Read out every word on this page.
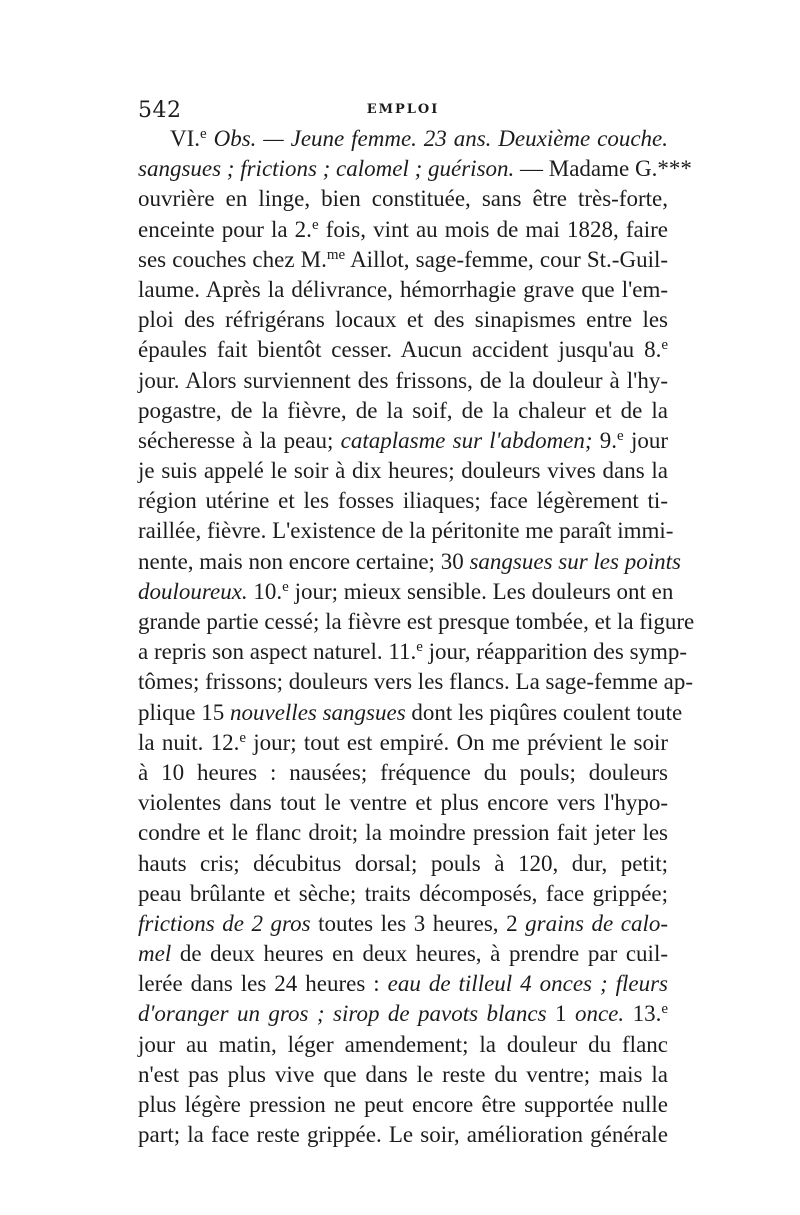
542	EMPLOI
VI.$^e$ Obs. — Jeune femme. 23 ans. Deuxième couche.
sangsues ; frictions ; calomel ; guérison. — Madame G.***
ouvrière en linge, bien constituée, sans être très-forte,
enceinte pour la 2.$^e$ fois, vint au mois de mai 1828, faire
ses couches chez M.$^{me}$ Aillot, sage-femme, cour St.-Guil-
laume. Après la délivrance, hémorrhagie grave que l'em-
ploi des réfrigérans locaux et des sinapismes entre les
épaules fait bientôt cesser. Aucun accident jusqu'au 8.$^e$
jour. Alors surviennent des frissons, de la douleur à l'hy-
pogastre, de la fièvre, de la soif, de la chaleur et de la
sécheresse à la peau; cataplasme sur l'abdomen; 9.$^e$ jour
je suis appelé le soir à dix heures; douleurs vives dans la
région utérine et les fosses iliaques; face légèrement ti-
raillée, fièvre. L'existence de la péritonite me paraît immi-
nente, mais non encore certaine; 30 sangsues sur les points
douloureux. 10.$^e$ jour; mieux sensible. Les douleurs ont en
grande partie cessé; la fièvre est presque tombée, et la figure
a repris son aspect naturel. 11.$^e$ jour, réapparition des symp-
tômes; frissons; douleurs vers les flancs. La sage-femme ap-
plique 15 nouvelles sangsues dont les piqûres coulent toute
la nuit. 12.$^e$ jour; tout est empiré. On me prévient le soir
à 10 heures : nausées; fréquence du pouls; douleurs
violentes dans tout le ventre et plus encore vers l'hypo-
condre et le flanc droit; la moindre pression fait jeter les
hauts cris; décubitus dorsal; pouls à 120, dur, petit;
peau brûlante et sèche; traits décomposés, face grippée;
frictions de 2 gros toutes les 3 heures, 2 grains de calo-
mel de deux heures en deux heures, à prendre par cuil-
lerée dans les 24 heures : eau de tilleul 4 onces ; fleurs
d'oranger un gros ; sirop de pavots blancs 1 once. 13.$^e$
jour au matin, léger amendement; la douleur du flanc
n'est pas plus vive que dans le reste du ventre; mais la
plus légère pression ne peut encore être supportée nulle
part; la face reste grippée. Le soir, amélioration générale
